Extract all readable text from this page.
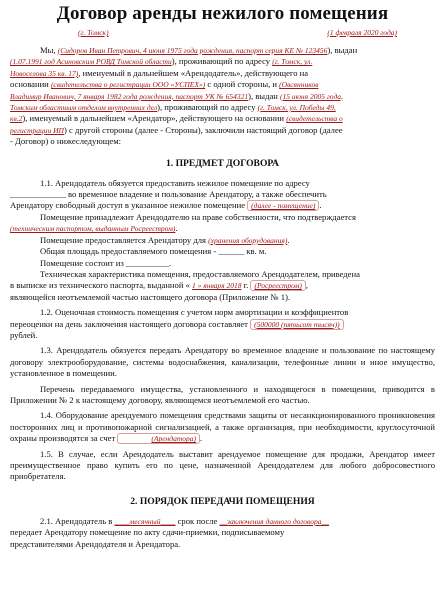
Договор аренды нежилого помещения
(г. Томск)	(1 февраля 2020 года)

Мы, (Сидоров Иван Петрович, 4 июня 1975 года рождения, паспорт серия КЕ № 123456), выдан

(1.07.1991 год Асиновским РОВД Томской области), проживающий по адресу (г. Томск, ул.

Новоселова 35 кв. 17), именуемый в дальнейшем «Арендодатель», действующего на

основании (свидетельства о регистрации ООО «УСПЕХ») с одной стороны, и (Овсянников

Владимир Иванович, 7 января 1982 года рождения, паспорт УК № 654321), выдан (15 июня 2005 года,

Томским областным отделом внутренних дел), проживающий по адресу (г. Томск, ул. Победы 49,

кв.2), именуемый в дальнейшем «Арендатор», действующего на основании (свидетельства о

регистрации ИП) с другой стороны (далее - Стороны), заключили настоящий договор (далее

- Договор) о нижеследующем:

1. ПРЕДМЕТ ДОГОВОРА

1.1. Арендодатель обязуется предоставить нежилое помещение по адресу

_____________ во временное владение и пользование Арендатору, а также обеспечить

Арендатору свободный доступ в указанное нежилое помещение (далее - помещение) .

Помещение принадлежит Арендодателю на праве собственности, что подтверждается

(техническим паспортом, выданным Росреестром).

Помещение предоставляется Арендатору для (хранения оборудования).

Общая площадь предоставляемого помещения - ______ кв. м.

Помещение состоит из __________.

Техническая характеристика помещения, предоставляемого Арендодателем, приведена

в выписке из технического паспорта, выданной « 1 » января 2018 г. (Росреестром) ,

являющейся неотъемлемой частью настоящего договора (Приложение № 1).

1.2. Оценочная стоимость помещения с учетом норм амортизации и коэффициентов

переоценки на день заключения настоящего договора составляет (500000 (пятьсот тысяч))

рублей.

1.3. Арендодатель обязуется передать Арендатору во временное владение и пользование по настоящему договору электрооборудование, системы водоснабжения, канализации, телефонные линии и иное имущество, установленное в помещении.

Перечень передаваемого имущества, установленного и находящегося в помещении, приводится в Приложении № 2 к настоящему договору, являющемся неотъемлемой его частью.

1.4. Оборудование арендуемого помещения средствами защиты от несанкционированного проникновения посторонних лиц и противопожарной сигнализацией, а также организация, при необходимости, круглосуточной охраны производятся за счет	(Арендатора) .

1.5. В случае, если Арендодатель выставит арендуемое помещение для продажи, Арендатор имеет преимущественное право купить его по цене, назначенной Арендодателем для любого добросовестного приобретателя.

2. ПОРЯДОК ПЕРЕДАЧИ ПОМЕЩЕНИЯ

2.1. Арендодатель в ____месячный____ срок после __заключения данного договора__

передает Арендатору помещение по акту сдачи-приемки, подписываемому

представителями Арендодателя и Арендатора.
